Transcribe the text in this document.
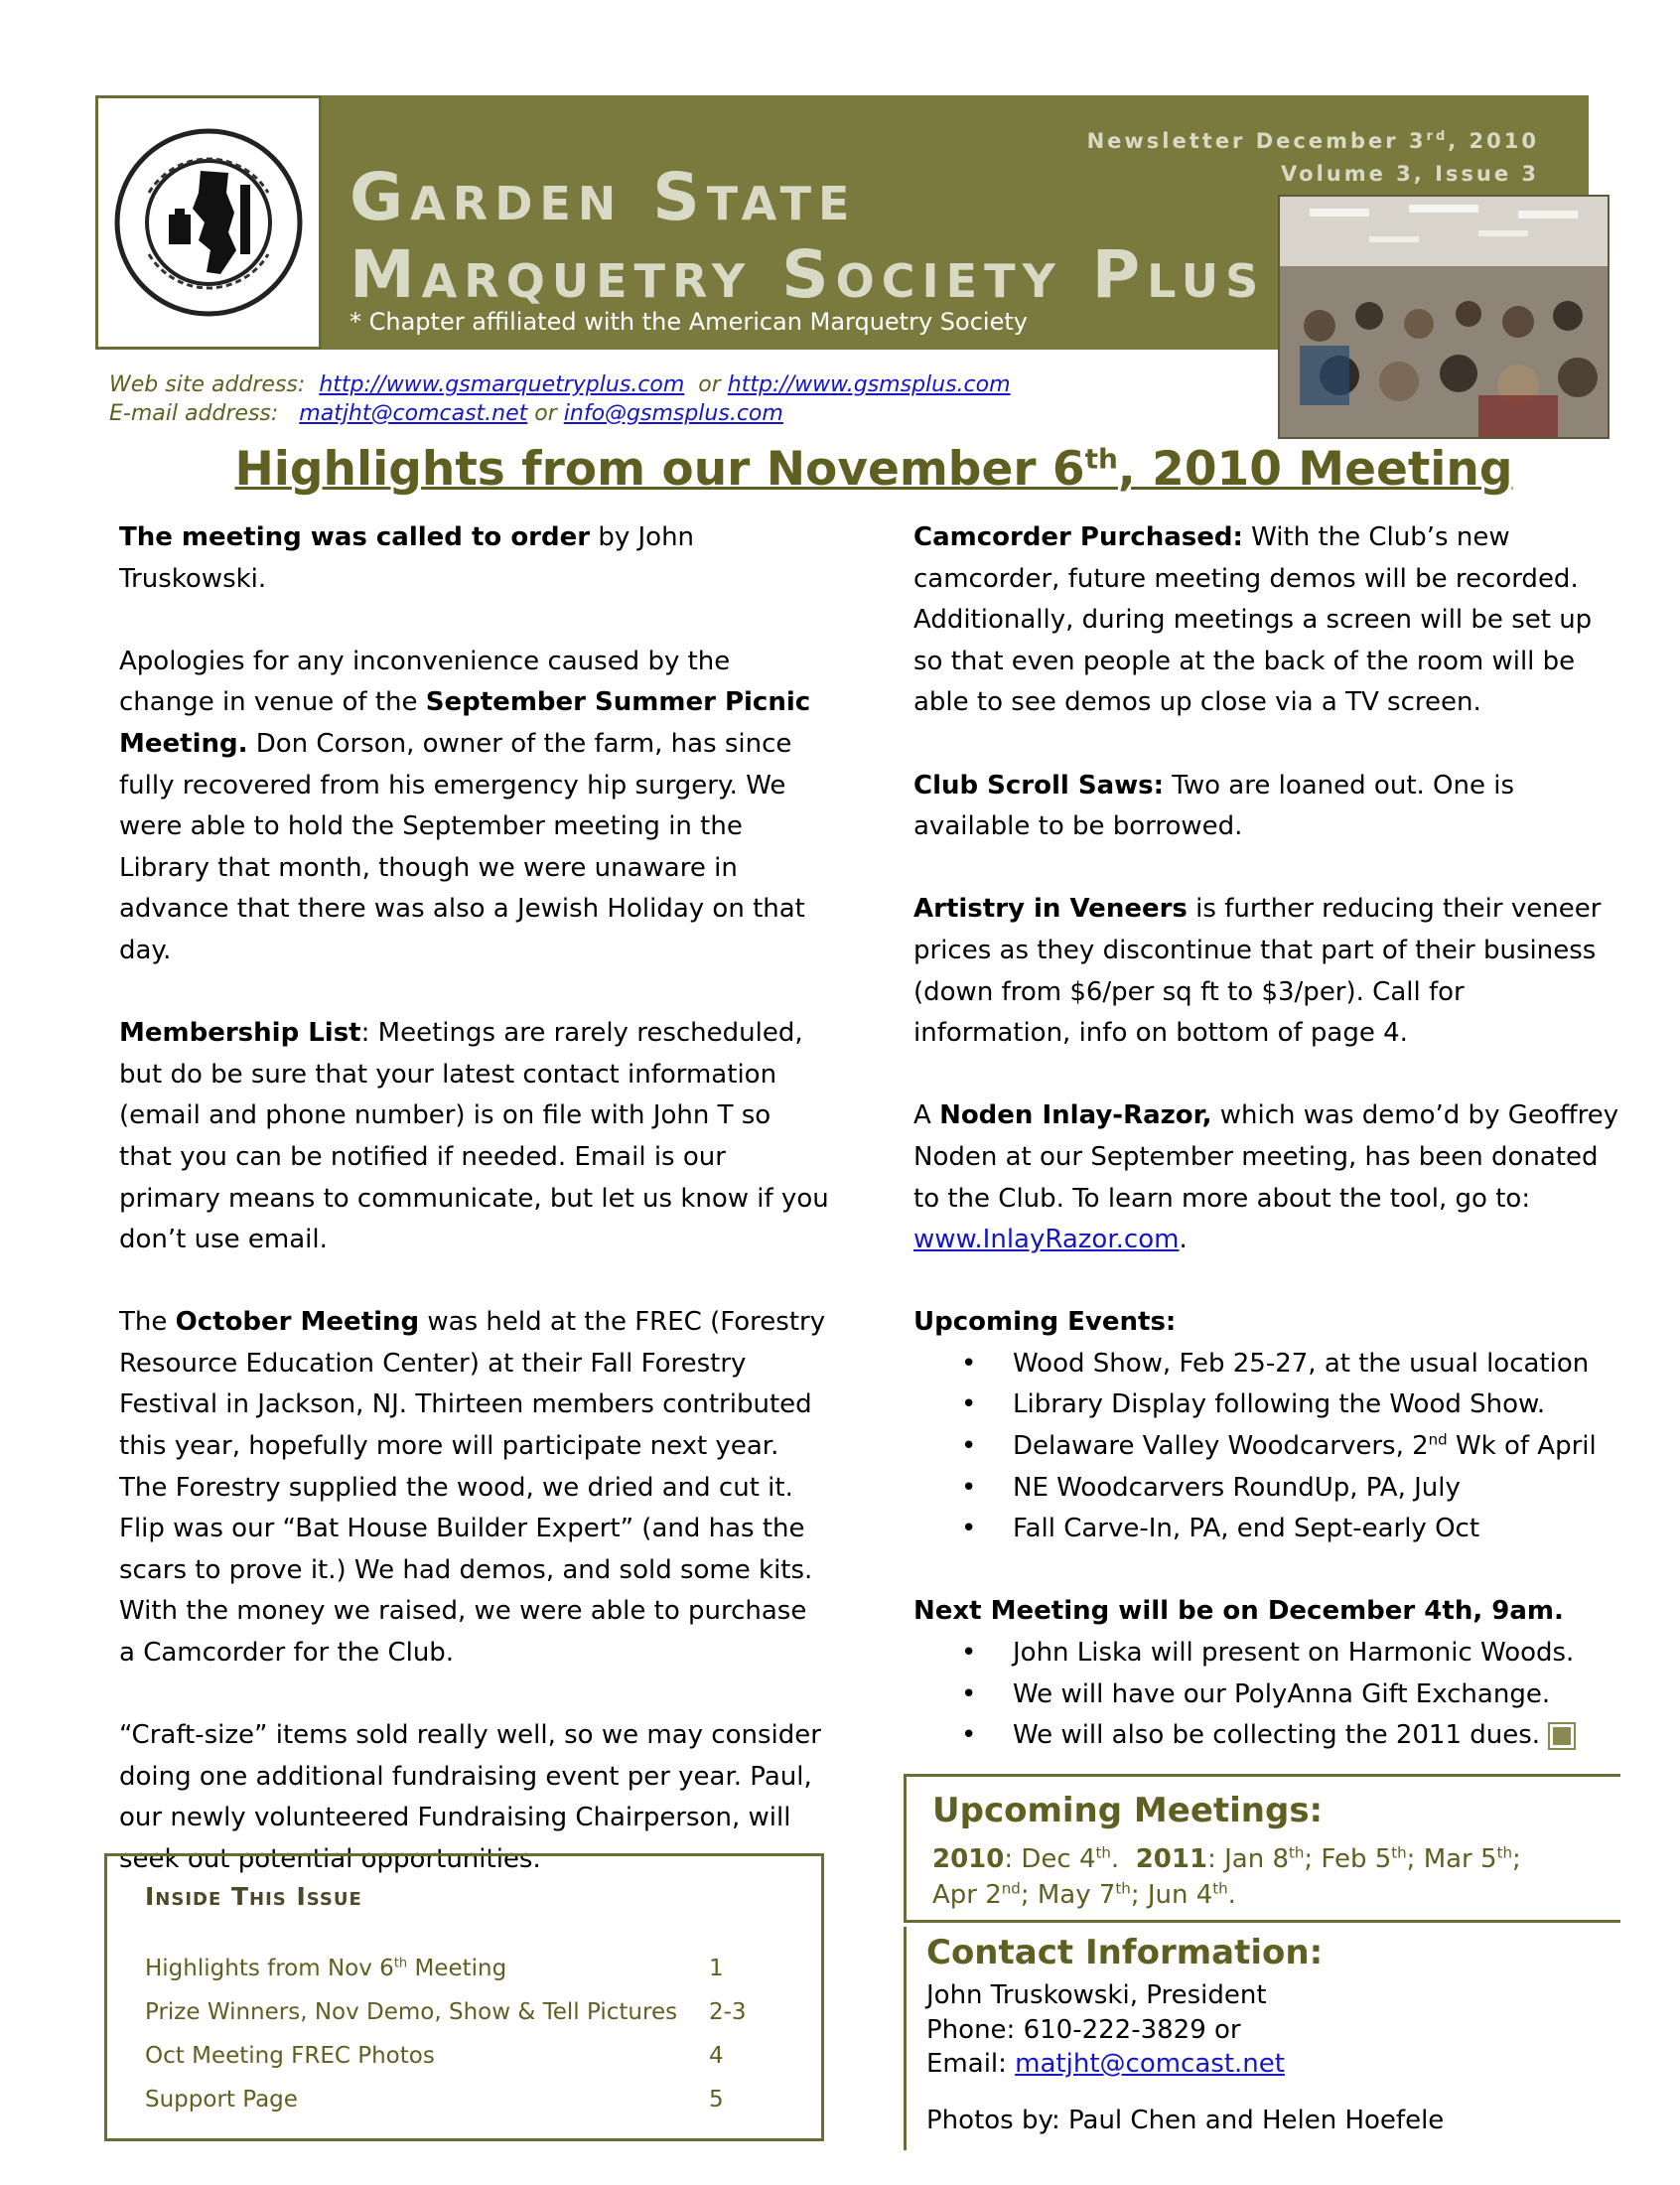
Garden State
Marquetry Society Plus
* Chapter affiliated with the American Marquetry Society
Newsletter December 3rd, 2010
Volume 3, Issue 3
Web site address: http://www.gsmarquetryplus.com or http://www.gsmsplus.com
E-mail address: matjht@comcast.net or info@gsmsplus.com
Highlights from our November 6th, 2010 Meeting

The meeting was called to order by John Truskowski.

Apologies for any inconvenience caused by the change in venue of the September Summer Picnic Meeting. Don Corson, owner of the farm, has since fully recovered from his emergency hip surgery. We were able to hold the September meeting in the Library that month, though we were unaware in advance that there was also a Jewish Holiday on that day.

Membership List: Meetings are rarely rescheduled, but do be sure that your latest contact information (email and phone number) is on file with John T so that you can be notified if needed. Email is our primary means to communicate, but let us know if you don’t use email.

The October Meeting was held at the FREC (Forestry Resource Education Center) at their Fall Forestry Festival in Jackson, NJ. Thirteen members contributed this year, hopefully more will participate next year. The Forestry supplied the wood, we dried and cut it. Flip was our “Bat House Builder Expert” (and has the scars to prove it.) We had demos, and sold some kits. With the money we raised, we were able to purchase a Camcorder for the Club.

“Craft-size” items sold really well, so we may consider doing one additional fundraising event per year. Paul, our newly volunteered Fundraising Chairperson, will seek out potential opportunities.

Camcorder Purchased: With the Club’s new camcorder, future meeting demos will be recorded. Additionally, during meetings a screen will be set up so that even people at the back of the room will be able to see demos up close via a TV screen.

Club Scroll Saws: Two are loaned out. One is available to be borrowed.

Artistry in Veneers is further reducing their veneer prices as they discontinue that part of their business (down from $6/per sq ft to $3/per). Call for information, info on bottom of page 4.

A Noden Inlay-Razor, which was demo’d by Geoffrey Noden at our September meeting, has been donated to the Club. To learn more about the tool, go to: www.InlayRazor.com.

Upcoming Events:
• Wood Show, Feb 25-27, at the usual location
• Library Display following the Wood Show.
• Delaware Valley Woodcarvers, 2nd Wk of April
• NE Woodcarvers RoundUp, PA, July
• Fall Carve-In, PA, end Sept-early Oct
Next Meeting will be on December 4th, 9am.
• John Liska will present on Harmonic Woods.
• We will have our PolyAnna Gift Exchange.
• We will also be collecting the 2011 dues.
Inside This Issue
Highlights from Nov 6th Meeting	1
Prize Winners, Nov Demo, Show & Tell Pictures 2-3
Oct Meeting FREC Photos	4
Support Page	5
Upcoming Meetings:
2010: Dec 4th.  2011: Jan 8th; Feb 5th; Mar 5th;
Apr 2nd; May 7th; Jun 4th.
Contact Information:
John Truskowski, President
Phone: 610-222-3829 or
Email: matjht@comcast.net
Photos by: Paul Chen and Helen Hoefele
